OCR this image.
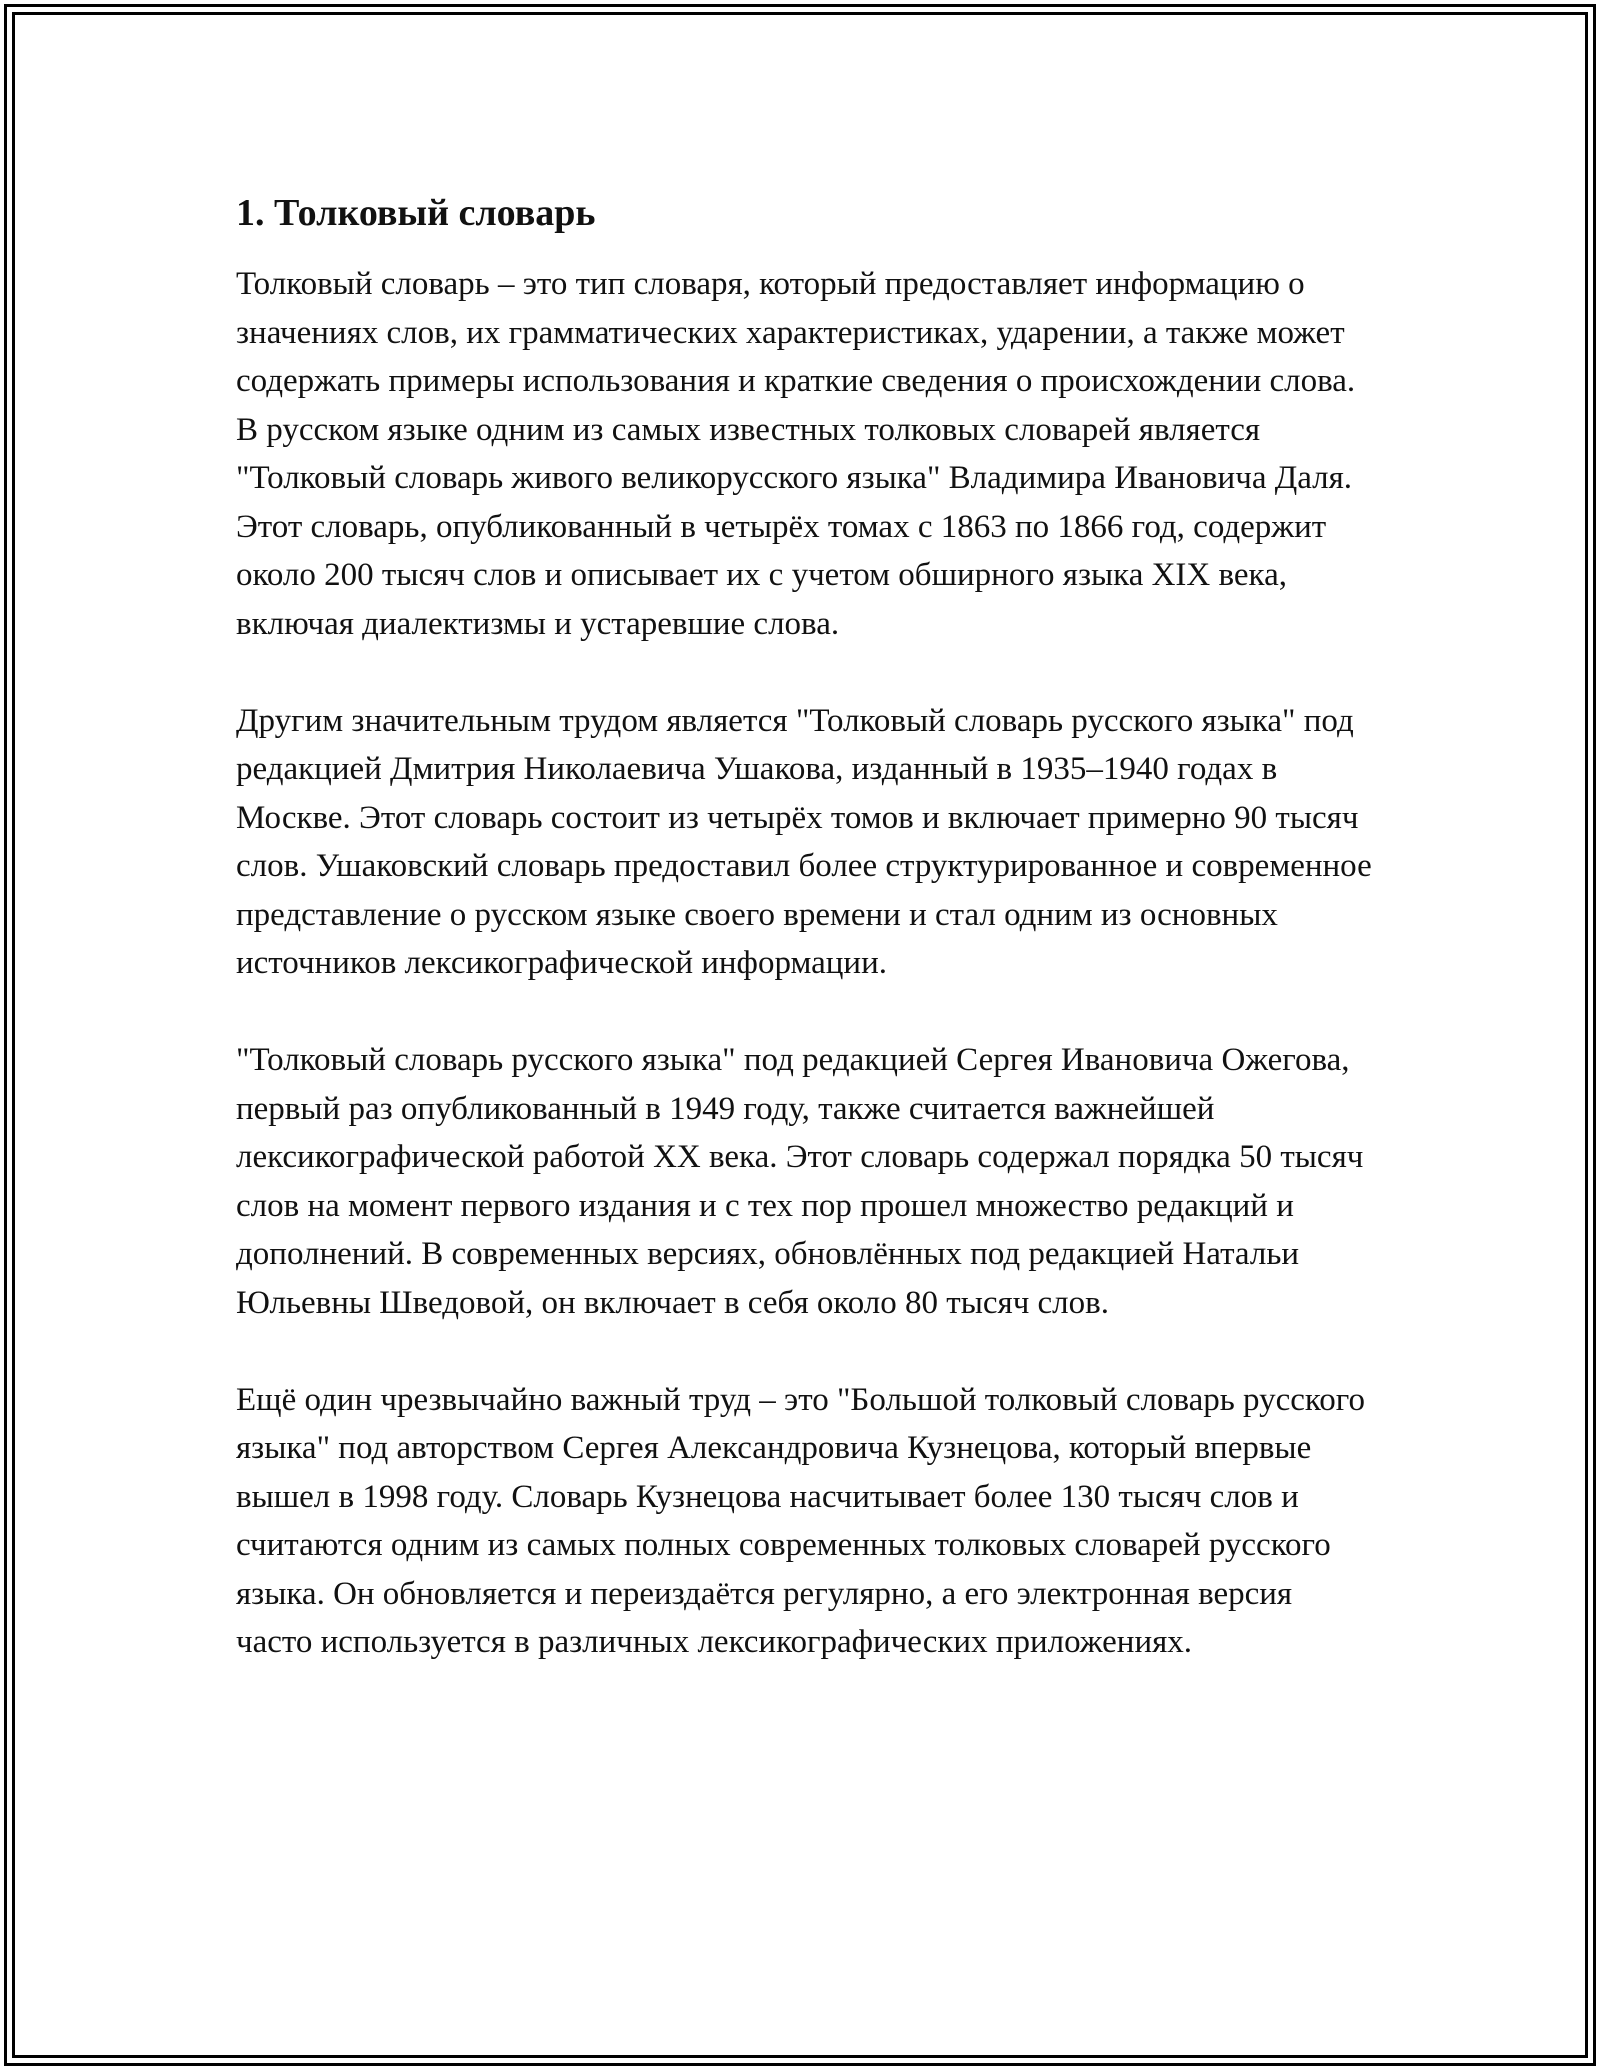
1. Толковый словарь

Толковый словарь – это тип словаря, который предоставляет информацию о значениях слов, их грамматических характеристиках, ударении, а также может содержать примеры использования и краткие сведения о происхождении слова. В русском языке одним из самых известных толковых словарей является "Толковый словарь живого великорусского языка" Владимира Ивановича Даля. Этот словарь, опубликованный в четырёх томах с 1863 по 1866 год, содержит около 200 тысяч слов и описывает их с учетом обширного языка XIX века, включая диалектизмы и устаревшие слова.

Другим значительным трудом является "Толковый словарь русского языка" под редакцией Дмитрия Николаевича Ушакова, изданный в 1935–1940 годах в Москве. Этот словарь состоит из четырёх томов и включает примерно 90 тысяч слов. Ушаковский словарь предоставил более структурированное и современное представление о русском языке своего времени и стал одним из основных источников лексикографической информации.

"Толковый словарь русского языка" под редакцией Сергея Ивановича Ожегова, первый раз опубликованный в 1949 году, также считается важнейшей лексикографической работой XX века. Этот словарь содержал порядка 50 тысяч слов на момент первого издания и с тех пор прошел множество редакций и дополнений. В современных версиях, обновлённых под редакцией Натальи Юльевны Шведовой, он включает в себя около 80 тысяч слов.

Ещё один чрезвычайно важный труд – это "Большой толковый словарь русского языка" под авторством Сергея Александровича Кузнецова, который впервые вышел в 1998 году. Словарь Кузнецова насчитывает более 130 тысяч слов и считаются одним из самых полных современных толковых словарей русского языка. Он обновляется и переиздаётся регулярно, а его электронная версия часто используется в различных лексикографических приложениях.
